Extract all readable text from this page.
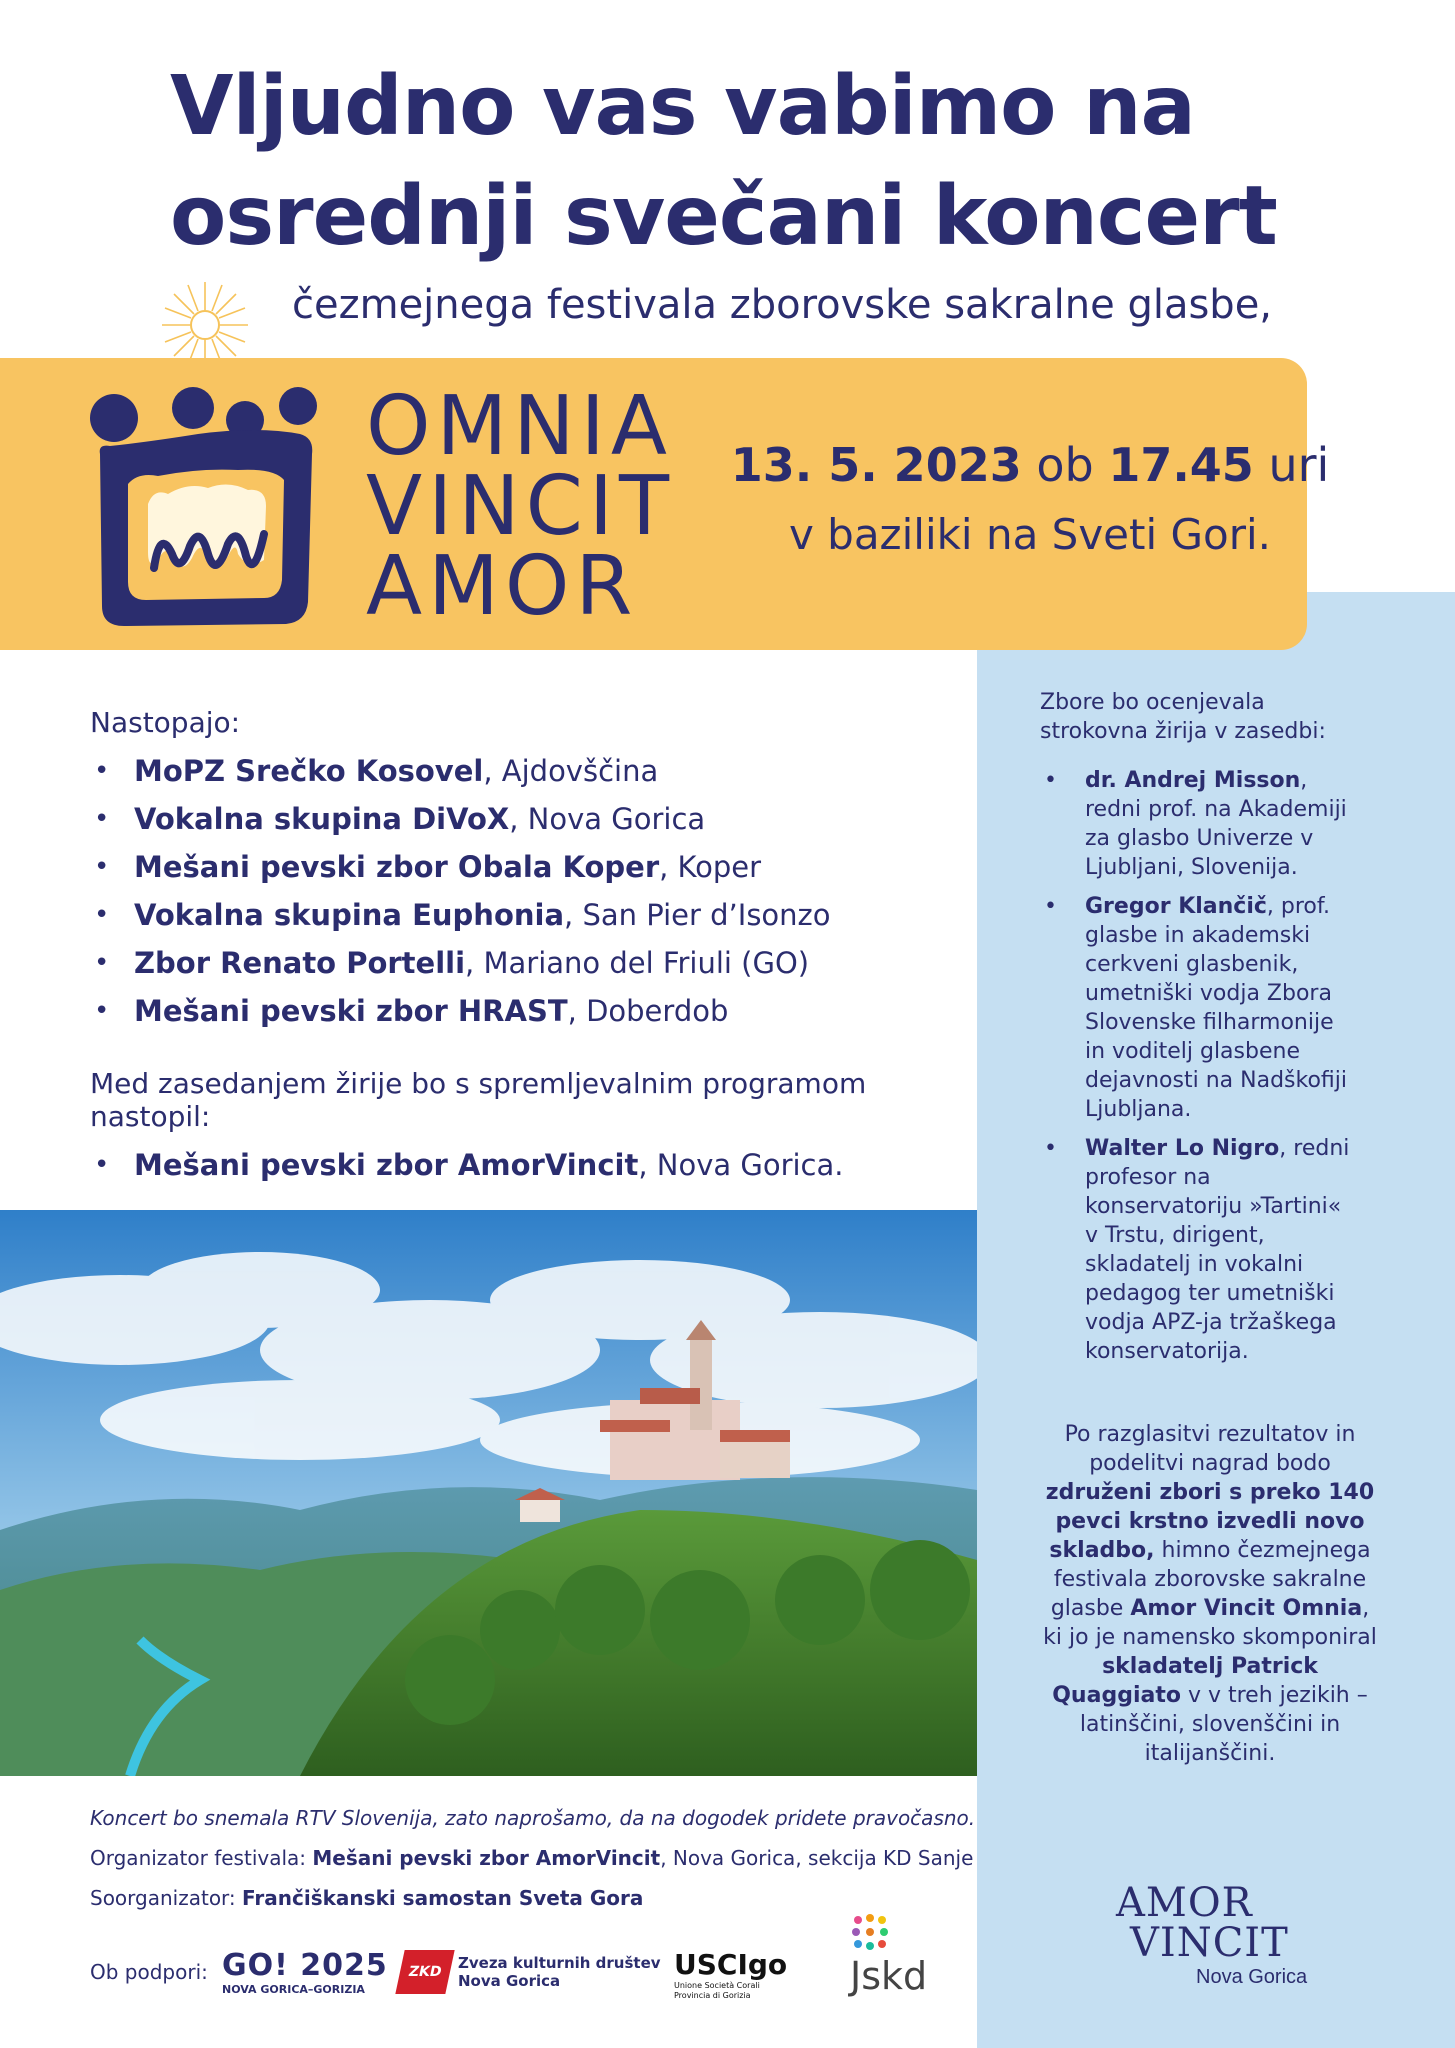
Vljudno vas vabimo na
osrednji svečani koncert
čezmejnega festivala zborovske sakralne glasbe,
OMNIA
VINCIT
AMOR
13. 5. 2023 ob 17.45 uri
v baziliki na Sveti Gori.

Nastopajo:

• MoPZ Srečko Kosovel, Ajdovščina
• Vokalna skupina DiVoX, Nova Gorica
• Mešani pevski zbor Obala Koper, Koper
• Vokalna skupina Euphonia, San Pier d’Isonzo
• Zbor Renato Portelli, Mariano del Friuli (GO)
• Mešani pevski zbor HRAST, Doberdob

Med zasedanjem žirije bo s spremljevalnim programom nastopil:

• Mešani pevski zbor AmorVincit, Nova Gorica.

Koncert bo snemala RTV Slovenija, zato naprošamo, da na dogodek pridete pravočasno.

Organizator festivala: Mešani pevski zbor AmorVincit, Nova Gorica, sekcija KD Sanje

Soorganizator: Frančiškanski samostan Sveta Gora

Ob podpori: GO! 2025
NOVA GORICA–GORIZIA
ZKD Zveza kulturnih društev
Nova Gorica	USCIgo
Unione Società Corali
Provincia di Gorizia	Jskd
Zbore bo ocenjevala strokovna žirija v zasedbi:
• dr. Andrej Misson, redni prof. na Akademiji za glasbo Univerze v Ljubljani, Slovenija.
• Gregor Klančič, prof. glasbe in akademski cerkveni glasbenik, umetniški vodja Zbora Slovenske filharmonije in voditelj glasbene dejavnosti na Nadškofiji Ljubljana.
• Walter Lo Nigro, redni profesor na konservatoriju »Tartini« v Trstu, dirigent, skladatelj in vokalni pedagog ter umetniški vodja APZ-ja tržaškega konservatorija.
Po razglasitvi rezultatov in podelitvi nagrad bodo združeni zbori s preko 140 pevci krstno izvedli novo skladbo, himno čezmejnega festivala zborovske sakralne glasbe Amor Vincit Omnia, ki jo je namensko skomponiral skladatelj Patrick Quaggiato v v treh jezikih – latinščini, slovenščini in italijanščini.
AMOR
VINCIT
Nova Gorica
